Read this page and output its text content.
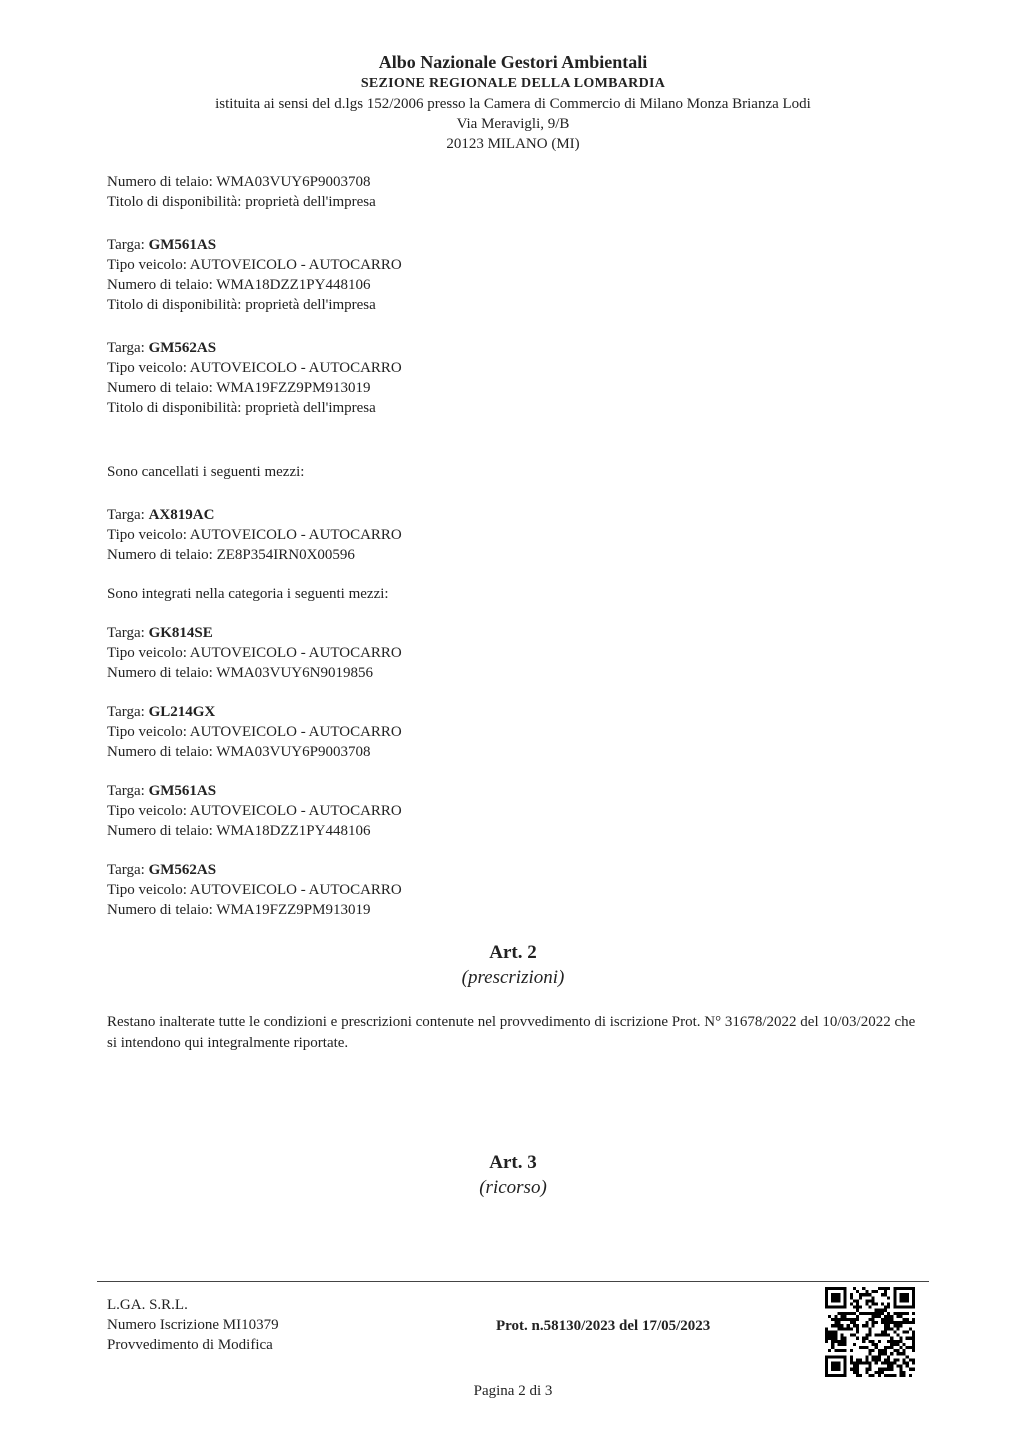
Albo Nazionale Gestori Ambientali
SEZIONE REGIONALE DELLA LOMBARDIA
istituita ai sensi del d.lgs 152/2006 presso la Camera di Commercio di Milano Monza Brianza Lodi
Via Meravigli, 9/B
20123 MILANO (MI)
Numero di telaio: WMA03VUY6P9003708
Titolo di disponibilità: proprietà dell'impresa
Targa: GM561AS
Tipo veicolo: AUTOVEICOLO - AUTOCARRO
Numero di telaio: WMA18DZZ1PY448106
Titolo di disponibilità: proprietà dell'impresa
Targa: GM562AS
Tipo veicolo: AUTOVEICOLO - AUTOCARRO
Numero di telaio: WMA19FZZ9PM913019
Titolo di disponibilità: proprietà dell'impresa
Sono cancellati i seguenti mezzi:
Targa: AX819AC
Tipo veicolo: AUTOVEICOLO - AUTOCARRO
Numero di telaio: ZE8P354IRN0X00596
Sono integrati nella categoria i seguenti mezzi:
Targa: GK814SE
Tipo veicolo: AUTOVEICOLO - AUTOCARRO
Numero di telaio: WMA03VUY6N9019856
Targa: GL214GX
Tipo veicolo: AUTOVEICOLO - AUTOCARRO
Numero di telaio: WMA03VUY6P9003708
Targa: GM561AS
Tipo veicolo: AUTOVEICOLO - AUTOCARRO
Numero di telaio: WMA18DZZ1PY448106
Targa: GM562AS
Tipo veicolo: AUTOVEICOLO - AUTOCARRO
Numero di telaio: WMA19FZZ9PM913019
Art. 2
(prescrizioni)
Restano inalterate tutte le condizioni e prescrizioni contenute nel provvedimento di iscrizione Prot. N° 31678/2022 del 10/03/2022 che si intendono qui integralmente riportate.
Art. 3
(ricorso)
L.GA. S.R.L.
Numero Iscrizione MI10379
Provvedimento di Modifica
Prot. n.58130/2023 del 17/05/2023
Pagina 2 di 3
